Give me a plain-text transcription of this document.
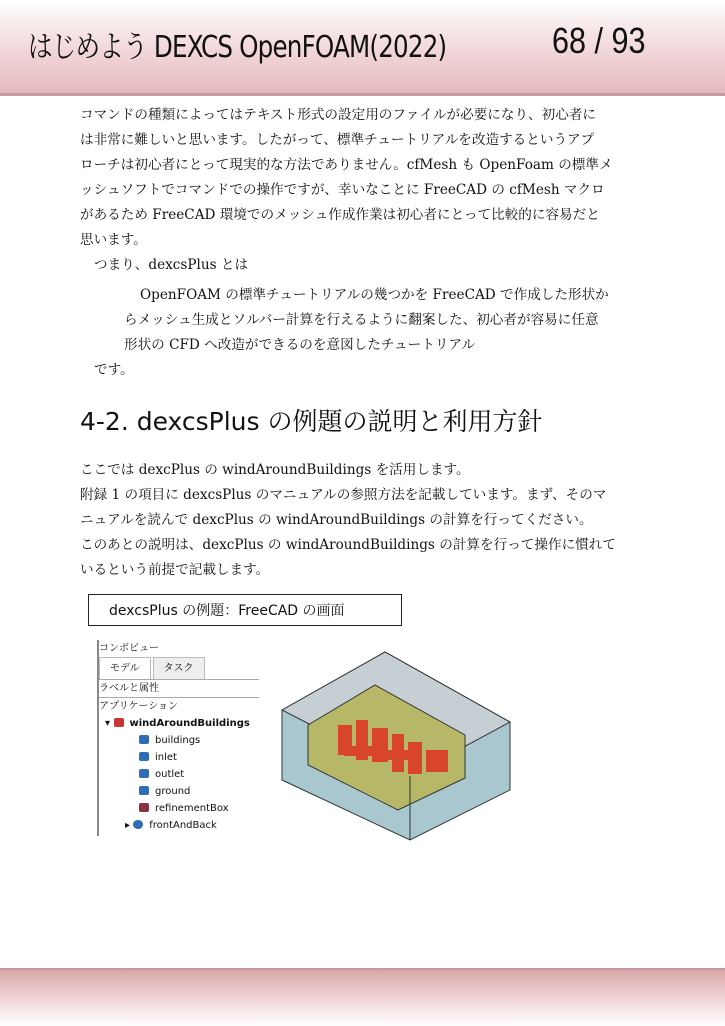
はじめよう DEXCS OpenFOAM(2022)	68 / 93

コマンドの種類によってはテキスト形式の設定用のファイルが必要になり、初心者に

は非常に難しいと思います。したがって、標準チュートリアルを改造するというアプ

ローチは初心者にとって現実的な方法でありません。cfMesh も OpenFoam の標準メ

ッシュソフトでコマンドでの操作ですが、幸いなことに FreeCAD の cfMesh マクロ

があるため FreeCAD 環境でのメッシュ作成作業は初心者にとって比較的に容易だと

思います。

つまり、dexcsPlus とは

OpenFOAM の標準チュートリアルの幾つかを FreeCAD で作成した形状か

らメッシュ生成とソルバー計算を行えるように翻案した、初心者が容易に任意

形状の CFD へ改造ができるのを意図したチュートリアル

です。

4-2. dexcsPlus の例題の説明と利用方針

ここでは dexcPlus の windAroundBuildings を活用します。

附録 1 の項目に dexcsPlus のマニュアルの参照方法を記載しています。まず、そのマ

ニュアルを読んで dexcPlus の windAroundBuildings の計算を行ってください。

このあとの説明は、dexcPlus の windAroundBuildings の計算を行って操作に慣れて

いるという前提で記載します。

dexcsPlus の例題：FreeCAD の画面
コンボビュー
モデル	タスク
ラベルと属性
アプリケーション
▾ windAroundBuildings
buildings
inlet
outlet
ground
refinementBox
▸ frontAndBack
